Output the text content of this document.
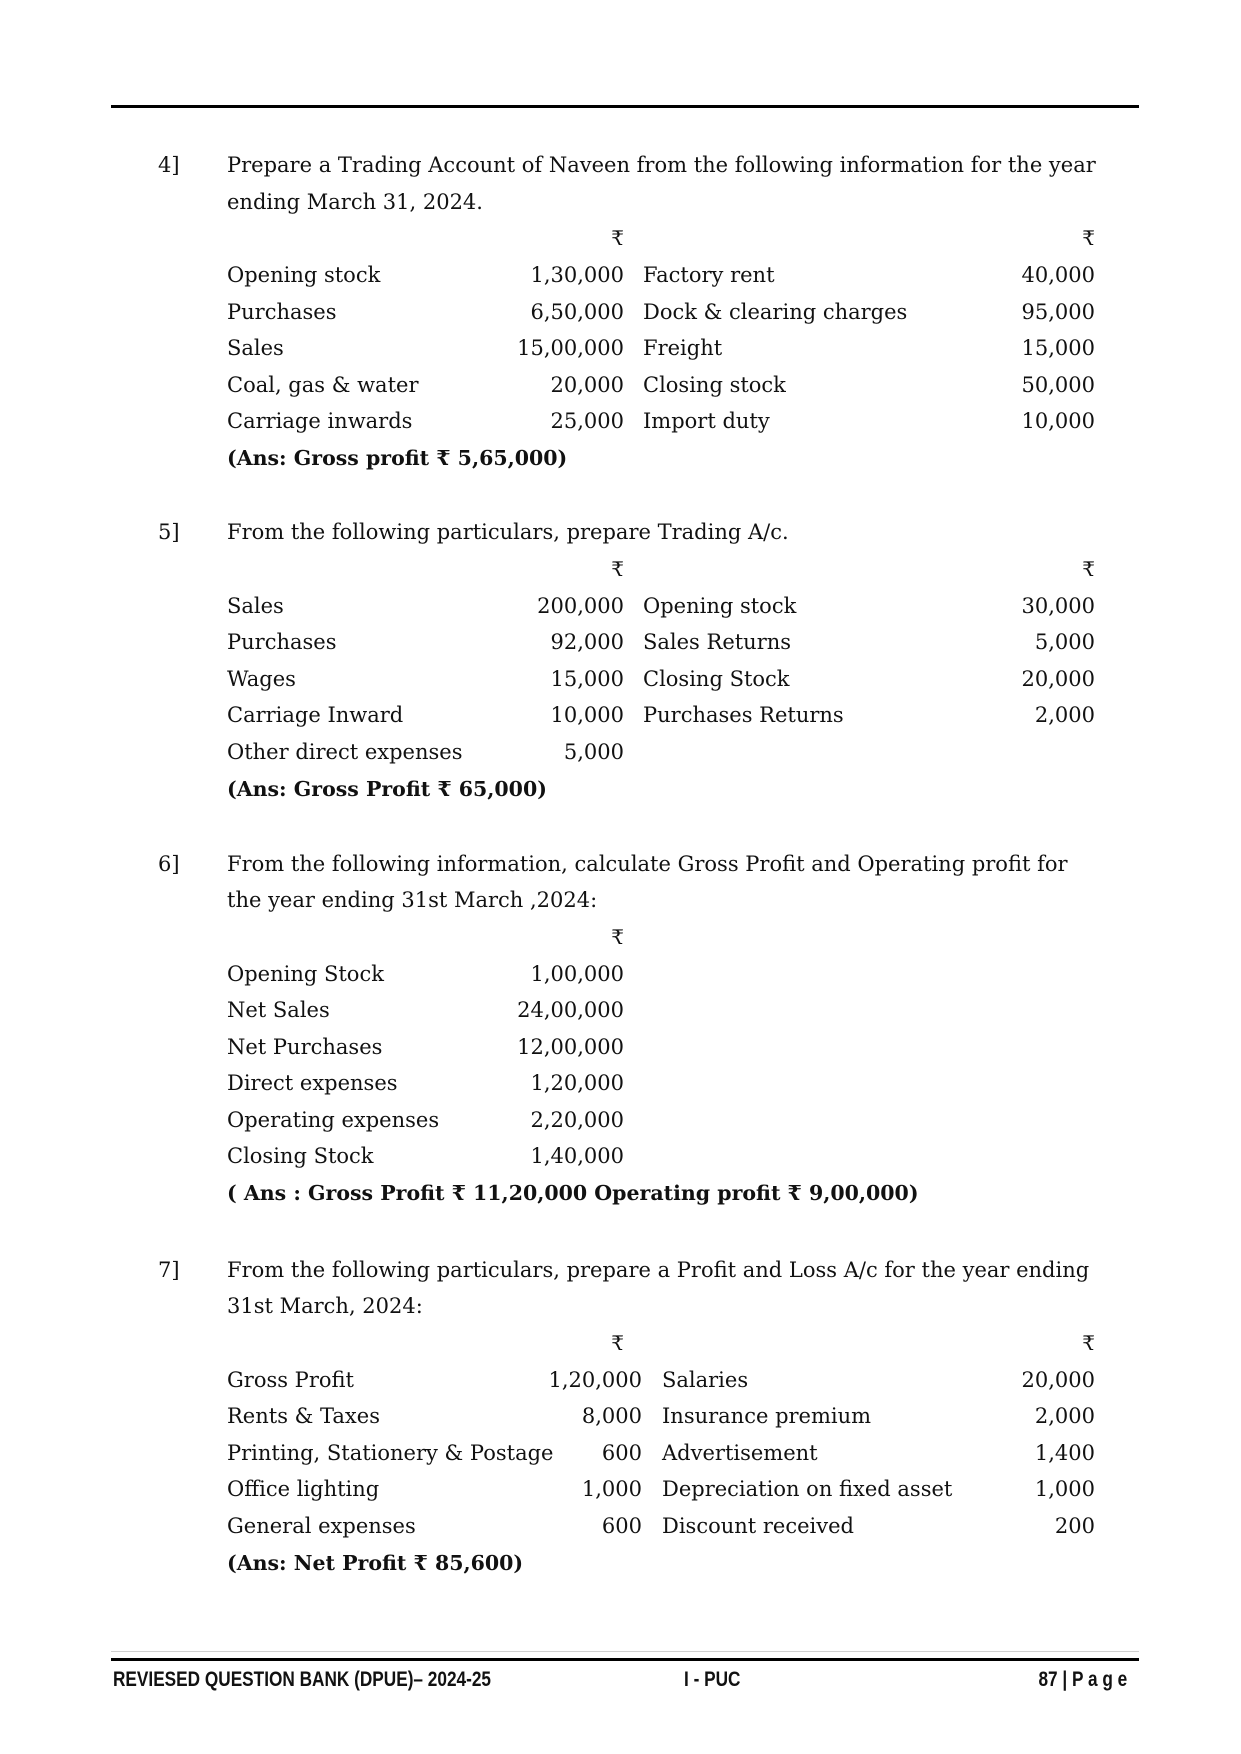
4] Prepare a Trading Account of Naveen from the following information for the year
ending March 31, 2024.
₹	₹
Opening stock	1,30,000 Factory rent	40,000
Purchases	6,50,000 Dock & clearing charges	95,000
Sales	15,00,000 Freight	15,000
Coal, gas & water	20,000 Closing stock	50,000
Carriage inwards	25,000 Import duty	10,000
(Ans: Gross profit ₹ 5,65,000)
5] From the following particulars, prepare Trading A/c.
₹	₹
Sales	200,000 Opening stock	30,000
Purchases	92,000 Sales Returns	5,000
Wages	15,000 Closing Stock	20,000
Carriage Inward	10,000 Purchases Returns	2,000
Other direct expenses	5,000
(Ans: Gross Profit ₹ 65,000)
6] From the following information, calculate Gross Profit and Operating profit for
the year ending 31st March ,2024:
₹
Opening Stock	1,00,000
Net Sales	24,00,000
Net Purchases	12,00,000
Direct expenses	1,20,000
Operating expenses	2,20,000
Closing Stock	1,40,000
( Ans : Gross Profit ₹ 11,20,000 Operating profit ₹ 9,00,000)
7] From the following particulars, prepare a Profit and Loss A/c for the year ending
31st March, 2024:
₹	₹
Gross Profit	1,20,000 Salaries	20,000
Rents & Taxes	8,000 Insurance premium	2,000
Printing, Stationery & Postage	600 Advertisement	1,400
Office lighting	1,000 Depreciation on fixed asset	1,000
General expenses	600 Discount received	200
(Ans: Net Profit ₹ 85,600)
REVIESED QUESTION BANK (DPUE)– 2024-25	I - PUC	87 | P a g e
